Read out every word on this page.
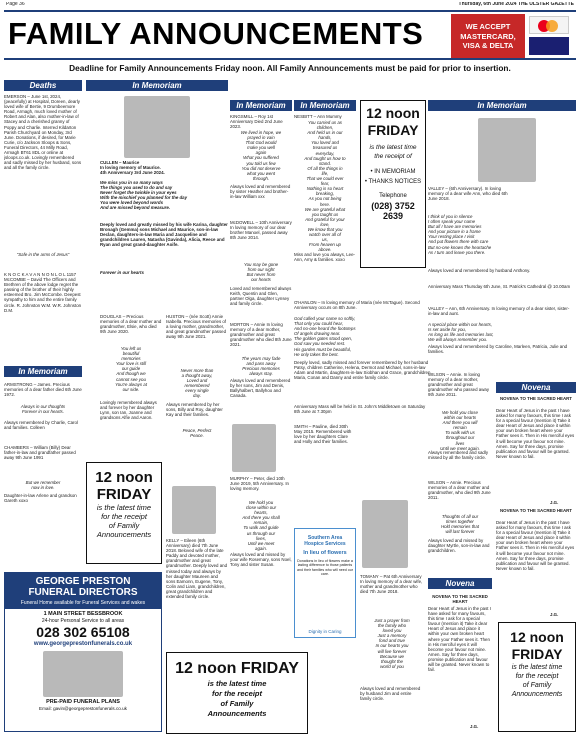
Page 36	Thursday, 6th June 2024 THE ULSTER GAZETTE
FAMILY ANNOUNCEMENTS	WE ACCEPT
MASTERCARD,
VISA & DELTA
Deadline for Family Announcements Friday noon. All Family Announcements must be paid for prior to insertion.
Deaths
EMERSON – June 1st, 2024, (peacefully) at Hospital, Doreen, dearly loved wife of Bertie, 9 Drumbeemore Road, Armagh, much loved mother of Robert and Alan, also mother-in-law of Stacey and a cherished granny of Poppy and Charlie. Interred Kildarton Parish Churchyard on Monday, 3rd June. Donations, if desired, for Marie Curie, c/o Jackson Sloops & Sons, Funeral Directors, 44 Milly Road, Armagh BT61 8DL or online at jsloops.co.uk. Lovingly remembered and sadly missed by her husband, sons and all the family circle.
“Safe in the arms of Jesus”
K N O C K A V A N N O N L O L 1157 McCOMBE – David The Officers and Brethren of the above lodge regret the passing of the brother of their highly esteemed Bro. Jim McCombe. Deepest sympathy to him and the entire family circle. R. Johnston W.M. W.R. Johnston D.M.
In Memoriam
ARMSTRONG – James. Precious memories of a dear father died 6th June 1972.
Always in our thoughts
Forever in our hearts.
Always remembered by Charlie, Carol and families. Colleen
CHAMBERS – William (Billy) Dear father-in-law and grandfather passed away 9th June 1991
But we remember
now in love.
Daughter-in-law Arlene and grandson Gareth xoxo
12 noon
FRIDAY
is the latest time
for the receipt
of Family
Announcements
GEORGE PRESTON
FUNERAL DIRECTORS
Funeral Home available for Funeral Services and wakes
1 MAIN STREET BESSBROOK
24-hour Personal Service to all areas
028 302 65108
www.georgeprestonfunerals.co.uk
PRE-PAID FUNERAL PLANS
Email: gavin@georgeprestonfunerals.co.uk
In Memoriam
CULLEN – Maurice
In loving memory of Maurice.
4th Anniversary 3rd June 2024.
We miss you in so many ways
The things you used to do and say
Never forget the twinkle in your eyes
With the mischief you planned for the day
You were loved beyond words
And are missed beyond measure.
Deeply loved and greatly missed by his wife Karina, daughter Bronagh (Gemma) sons Michael and Maurice, son-in-law Declan, daughters-in-law Maria and Jacqueline and grandchildren Lauren, Natasha (Gavinda), Alicia, Reece and Ryan and great grand-daughter Aoife.
Forever in our hearts
DOUGLAS – Precious memories of a dear mother and grandmother, Elsie, who died 9th June 2020.
You left us
beautiful
memories
Your love is still
our guide
And though we
cannot see you
You're always at
our side.
Lovingly remembered always and forever by her daughter Lynn, son Ian, Joanne and grandsons Alfie and Aaron.
HUSTON – (née Scott) Annie Isabella. Precious memories of a loving mother, grandmother, and great grandmother passed away 9th June 2021.
Never more than
a thought away,
Loved and
remembered
every single
day.
Always remembered by her sons, Billy and Roy, daughter Kay and their families.
Peace, Perfect
Peace.
KELLY – Eileen (6th Anniversary) died 7th June 2018. Beloved wife of the late Paddy and devoted mother, grandmother and great grandmother. Deeply loved and missed today and always by her daughter Maureen and sons Eamonn, Eugene, Tony, Colin and Liam, grandchildren, great grandchildren and extended family circle.
12 noon FRIDAY
is the latest time
for the receipt
of Family
Announcements
In Memoriam
KINGSMILL – Roy 1st Anniversary Died 2nd June 2023.
We lived in hope, we
prayed in vain
That God would
make you well
again
What you suffered
you told us few
You did not deserve
what you went
through.
Always loved and remembered by sister Heather and brother-in-law William xxx
McDOWELL – 10th Anniversary In loving memory of our dear brother Manoel, passed away 8th June 2014.
You may be gone
from our sight
But never from
our hearts
Loved and remembered always Keith, Quentin and Glen, partner Olga, daughter Lynsey and family circle.
MORTON – Annie In loving memory of a dear mother, grandmother and great grandmother who died 8th June 2021.
The years may fade
and pass away
Precious memories
always stay.
Always loved and remembered by her sons, Jim and Denis, Ballyhalbert, Ballyhoo and Canada.
MURPHY – Peter, died 10th June 2019, 5th Anniversary. In loving memory.
We hold you
close within our
hearts,
And there you shall
remain,
To walk and guide
us through our
lives,
Until we meet
again.
Always loved and missed by your wife Rosemary, sons Noel, Tony and sister Susan.
In Memoriam
NESBITT – Ann Mummy
You carried us as
children,
And held us in our
hands,
You loved and
treasured us
everyday,
And taught us how to
stand.
Of all the things in
life,
That we could ever
fear,
Nothing is so heart
breaking,
As you not being
here.
We are grateful what
you taught us
And grateful for your
love,
We know that you
watch over all of
us,
From heaven up
above.
Miss and love you always, Lee-Ann, Amy & families. xoxo
O'HANLON – In loving memory of Maria (née McTague). Second Anniversary occurs on 8th June.
God called your name so softly,
That only you could hear,
And no-one heard the footsteps
Of angels drawing near.
The golden gates stood open,
God saw you needed rest.
His garden must be beautiful,
He only takes the best.
Deeply loved, sadly missed and forever remembered by her husband Patsy, children Catherine, Helena, Dermot and Michael, sons-in-law Adam and Martin, daughters-in-law Siobhan and Grace, grandchildren Maria, Conan and Danny and entire family circle.
Anniversary Mass will be held in St. John's Middletown on Saturday 8th June at 7.30pm
SMITH – Pauline, died 30th May 2015. Remembered with love by her daughters Clare and Holly and their families.
Southern Area
Hospice Services
In lieu of flowers
Donations in lieu of flowers make a lasting difference to those patients and their families who will need our care.
Dignity in Caring
TOMANY – Pat 6th Anniversary In loving memory of a dear wife, mother and grandmother who died 7th June 2018.
Just a prayer from
the family who
loved you
Just a memory
fond and true
In our hearts you
will live forever
Because we
thought the
world of you
Always loved and remembered by husband Jim and entire family circle.
12 noon
FRIDAY
is the latest time
the receipt of
• IN MEMORIAM
• THANKS NOTICES
Telephone
(028) 3752 2639
In Memoriam
VALLEY – (6th Anniversary). In loving memory of a dear wife Ann, who died 6th June 2018.
I think of you in silence
I often speak your name
But all I have are memories
And your picture in a frame
Your resting place I visit
And put flowers there with care
But no-one knows the heartache
As I turn and leave you there.
Always loved and remembered by husband Anthony.
Anniversary Mass Thursday 6th June, St. Patrick's Cathedral @ 10.00am
VALLEY – Ann, 6th Anniversary. In loving memory of a dear sister, sister-in-law and aunt.
A special place within our hearts,
Is set aside for you,
As long as life and memories last,
We will always remember you.
Always loved and remembered by Caroline, Marleen, Patricia, Julie and families.
WILSON – Annie. In loving memory of a dear mother, grandmother and great grandmother who passed away 9th June 2011.
We hold you close
within our hearts
And there you will
remain
To walk with us
throughout our
lives
Until we meet again.
Always remembered and sadly missed by all the family circle.
WILSON – Annie. Precious memories of a dear mother and grandmother, who died 9th June 2011.
Thoughts of all our
times together
Hold memories that
will last forever
Always loved and missed by daughter Myrtle, son-in-law and grandchildren.
Novena
NOVENA TO THE SACRED HEART
Dear Heart of Jesus in the past I have asked for many favours, this time I ask for a special favour (mention it) Take it dear Heart of Jesus and place it within your own broken heart where your Father sees it. Then in His merciful eyes it will become your favour not mine. Amen. Say for three days, promise publication and favour will be granted. Never known to fail.
J.G.
Novena
NOVENA TO THE SACRED HEART
Dear Heart of Jesus in the past I have asked for many favours, this time I ask for a special favour (mention it) Take it dear Heart of Jesus and place it within your own broken heart where your Father sees it. Then in His merciful eyes it will become your favour not mine. Amen. Say for three days, promise publication and favour will be granted. Never known to fail.
J.G.
NOVENA TO THE SACRED HEART
Dear Heart of Jesus in the past I have asked for many favours, this time I ask for a special favour (mention it) Take it dear Heart of Jesus and place it within your own broken heart where your Father sees it. Then in His merciful eyes it will become your favour not mine. Amen. Say for three days, promise publication and favour will be granted. Never known to fail.
J.G.
12 noon
FRIDAY
is the latest time
for the receipt
of Family
Announcements
